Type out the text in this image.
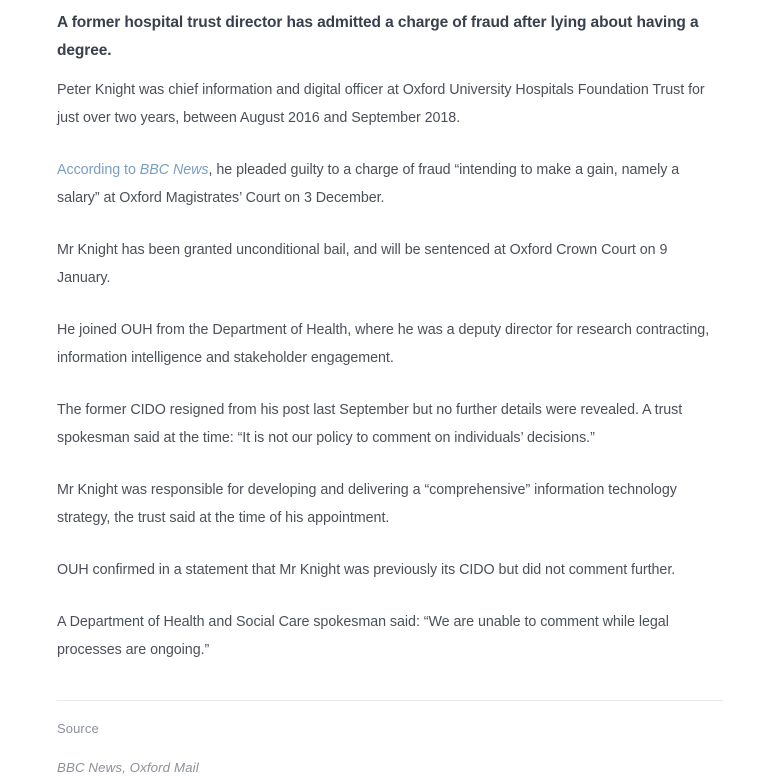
A former hospital trust director has admitted a charge of fraud after lying about having a degree.

Peter Knight was chief information and digital officer at Oxford University Hospitals Foundation Trust for just over two years, between August 2016 and September 2018.

According to BBC News, he pleaded guilty to a charge of fraud “intending to make a gain, namely a salary” at Oxford Magistrates’ Court on 3 December.

Mr Knight has been granted unconditional bail, and will be sentenced at Oxford Crown Court on 9 January.

He joined OUH from the Department of Health, where he was a deputy director for research contracting, information intelligence and stakeholder engagement.

The former CIDO resigned from his post last September but no further details were revealed. A trust spokesman said at the time: “It is not our policy to comment on individuals’ decisions.”

Mr Knight was responsible for developing and delivering a “comprehensive” information technology strategy, the trust said at the time of his appointment.

OUH confirmed in a statement that Mr Knight was previously its CIDO but did not comment further.

A Department of Health and Social Care spokesman said: “We are unable to comment while legal processes are ongoing.”

Source
BBC News, Oxford Mail
